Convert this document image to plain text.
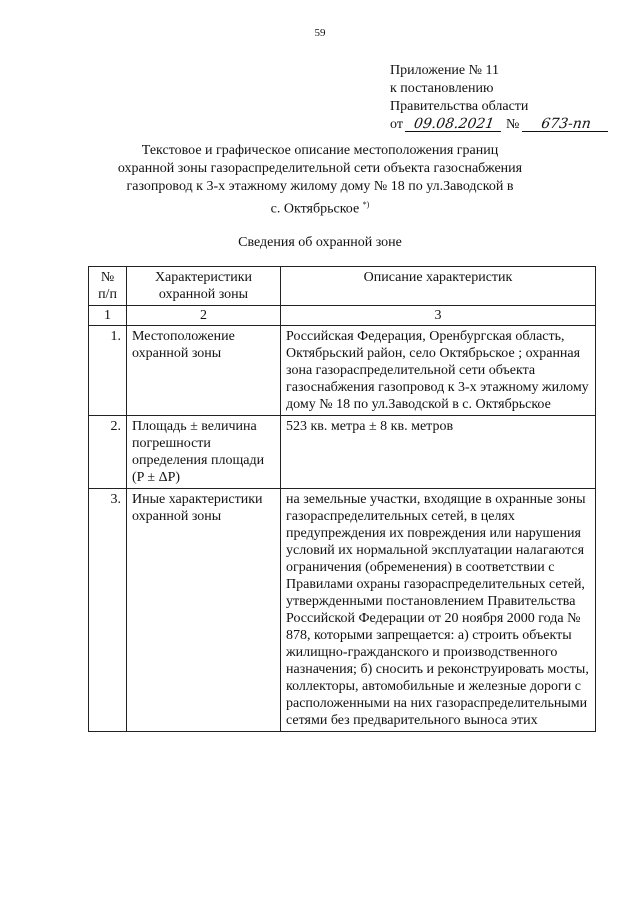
59
Приложение № 11
к постановлению
Правительства области
от 09.08.2021 № 673-пп
Текстовое и графическое описание местоположения границ
охранной зоны газораспределительной сети объекта газоснабжения
газопровод к 3-х этажному жилому дому № 18 по ул.Заводской в
с. Октябрьское *)
Сведения об охранной зоне
№ п/п	Характеристики охранной зоны	Описание характеристик
1	2	3
1.	Местоположение охранной зоны	Российская Федерация, Оренбургская область, Октябрьский район, село Октябрьское ; охранная зона газораспределительной сети объекта газоснабжения газопровод к 3-х этажному жилому дому № 18 по ул.Заводской в с. Октябрьское
2.	Площадь ± величина погрешности определения площади (P ± ΔP)	523 кв. метра ± 8 кв. метров
3.	Иные характеристики охранной зоны	на земельные участки, входящие в охранные зоны газораспределительных сетей, в целях предупреждения их повреждения или нарушения условий их нормальной эксплуатации налагаются ограничения (обременения) в соответствии с Правилами охраны газораспределительных сетей, утвержденными постановлением Правительства Российской Федерации от 20 ноября 2000 года № 878, которыми запрещается: а) строить объекты жилищно-гражданского и производственного назначения; б) сносить и реконструировать мосты, коллекторы, автомобильные и железные дороги с расположенными на них газораспределительными сетями без предварительного выноса этих
